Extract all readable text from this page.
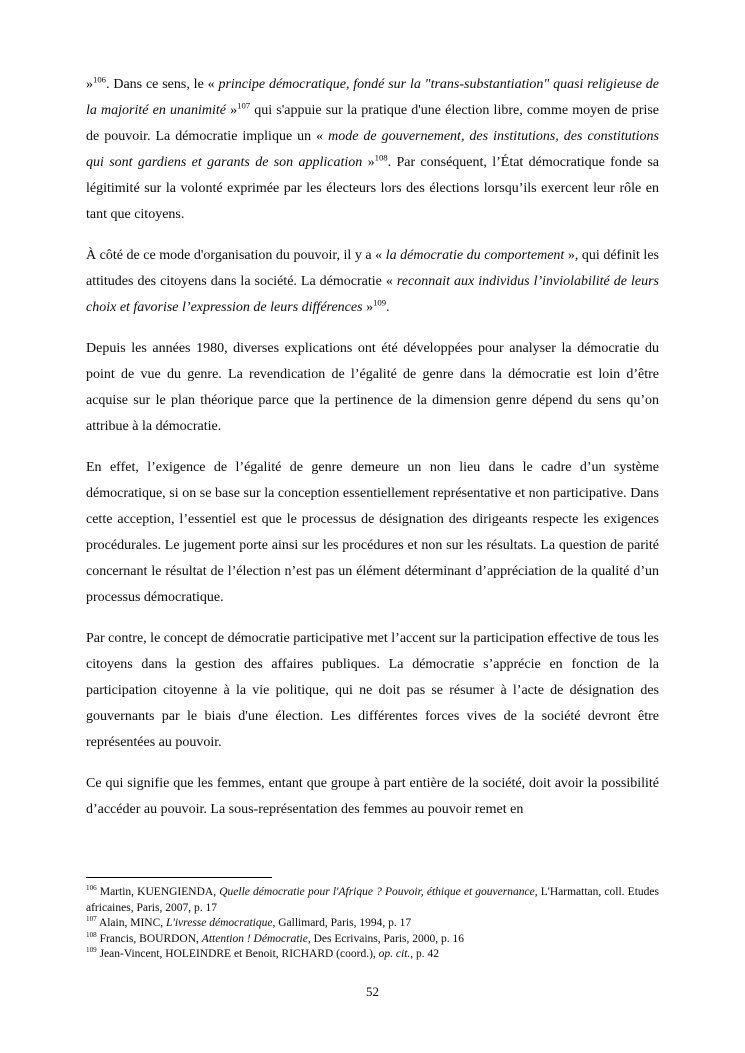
»$^{106}$. Dans ce sens, le « principe démocratique, fondé sur la "trans-substantiation" quasi religieuse de la majorité en unanimité »$^{107}$ qui s'appuie sur la pratique d'une élection libre, comme moyen de prise de pouvoir. La démocratie implique un « mode de gouvernement, des institutions, des constitutions qui sont gardiens et garants de son application »$^{108}$. Par conséquent, l’État démocratique fonde sa légitimité sur la volonté exprimée par les électeurs lors des élections lorsqu’ils exercent leur rôle en tant que citoyens.

À côté de ce mode d'organisation du pouvoir, il y a « la démocratie du comportement », qui définit les attitudes des citoyens dans la société. La démocratie « reconnait aux individus l’inviolabilité de leurs choix et favorise l’expression de leurs différences »$^{109}$.

Depuis les années 1980, diverses explications ont été développées pour analyser la démocratie du point de vue du genre. La revendication de l’égalité de genre dans la démocratie est loin d’être acquise sur le plan théorique parce que la pertinence de la dimension genre dépend du sens qu’on attribue à la démocratie.

En effet, l’exigence de l’égalité de genre demeure un non lieu dans le cadre d’un système démocratique, si on se base sur la conception essentiellement représentative et non participative. Dans cette acception, l’essentiel est que le processus de désignation des dirigeants respecte les exigences procédurales. Le jugement porte ainsi sur les procédures et non sur les résultats. La question de parité concernant le résultat de l’élection n’est pas un élément déterminant d’appréciation de la qualité d’un processus démocratique.

Par contre, le concept de démocratie participative met l’accent sur la participation effective de tous les citoyens dans la gestion des affaires publiques. La démocratie s’apprécie en fonction de la participation citoyenne à la vie politique, qui ne doit pas se résumer à l’acte de désignation des gouvernants par le biais d'une élection. Les différentes forces vives de la société devront être représentées au pouvoir.

Ce qui signifie que les femmes, entant que groupe à part entière de la société, doit avoir la possibilité d’accéder au pouvoir. La sous-représentation des femmes au pouvoir remet en

$^{106}$ Martin, KUENGIENDA, Quelle démocratie pour l'Afrique ? Pouvoir, éthique et gouvernance, L'Harmattan, coll. Etudes africaines, Paris, 2007, p. 17
$^{107}$ Alain, MINC, L'ivresse démocratique, Gallimard, Paris, 1994, p. 17
$^{108}$ Francis, BOURDON, Attention ! Démocratie, Des Ecrivains, Paris, 2000, p. 16
$^{109}$ Jean-Vincent, HOLEINDRE et Benoit, RICHARD (coord.), op. cit., p. 42
52
